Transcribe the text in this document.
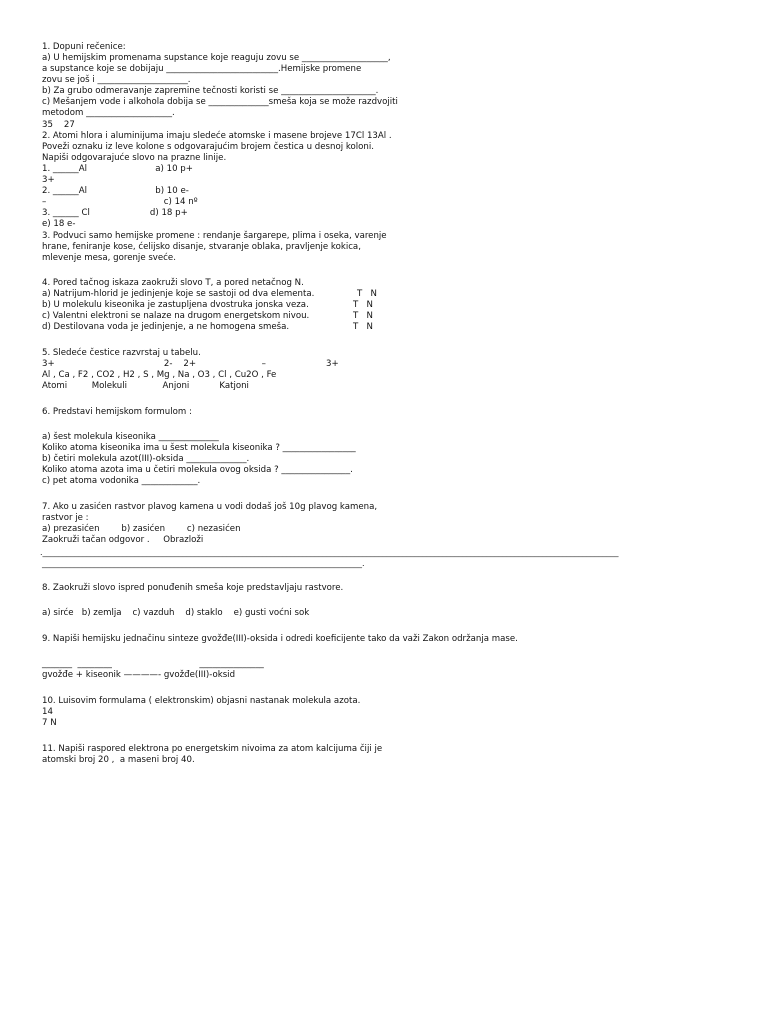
1. Dopuni rečenice:
a) U hemijskim promenama supstance koje reaguju zovu se ____________________,
a supstance koje se dobijaju __________________________.Hemijske promene
zovu se još i _____________________.
b) Za grubo odmeravanje zapremine tečnosti koristi se ______________________.
c) Mešanjem vode i alkohola dobija se ______________smeša koja se može razdvojiti
metodom ____________________.
35    27
2. Atomi hlora i aluminijuma imaju sledeće atomske i masene brojeve 17Cl 13Al .
Poveži oznaku iz leve kolone s odgovarajućim brojem čestica u desnoj koloni.
Napiši odgovarajuće slovo na prazne linije.
1. ______Al                         a) 10 p+
3+
2. ______Al                         b) 10 e-
–                                           c) 14 nº
3. ______ Cl                      d) 18 p+
e) 18 e-
3. Podvuci samo hemijske promene : rendanje šargarepe, plima i oseka, varenje
hrane, feniranje kose, ćelijsko disanje, stvaranje oblaka, pravljenje kokica,
mlevenje mesa, gorenje sveće.
4. Pored tačnog iskaza zaokruži slovo T, a pored netačnog N.
a) Natrijum-hlorid je jedinjenje koje se sastoji od dva elementa.	T   N
b) U molekulu kiseonika je zastupljena dvostruka jonska veza.	T   N
c) Valentni elektroni se nalaze na drugom energetskom nivou.	T   N
d) Destilovana voda je jedinjenje, a ne homogena smeša.	T   N
5. Sledeće čestice razvrstaj u tabelu.
3+                                        2-    2+                        –                      3+
Al , Ca , F2 , CO2 , H2 , S , Mg , Na , O3 , Cl , Cu2O , Fe
Atomi         Molekuli             Anjoni           Katjoni
6. Predstavi hemijskom formulom :
a) šest molekula kiseonika ______________
Koliko atoma kiseonika ima u šest molekula kiseonika ? _________________
b) četiri molekula azot(III)-oksida ______________.
Koliko atoma azota ima u četiri molekula ovog oksida ? ________________.
c) pet atoma vodonika _____________.
7. Ako u zasićen rastvor plavog kamena u vodi dodaš još 10g plavog kamena,
rastvor je :
a) prezasićen        b) zasićen        c) nezasićen
Zaokruži tačan odgovor .     Obrazloži
.________________________________________________________________________________________________________________________________________________
________________________________________________________________________________.
8. Zaokruži slovo ispred ponuđenih smeša koje predstavljaju rastvore.
a) sirće   b) zemlja    c) vazduh    d) staklo    e) gusti voćni sok
9. Napiši hemijsku jednačinu sinteze gvožđe(III)-oksida i odredi koeficijente tako da važi Zakon održanja mase.
_______  ________                                _______________
gvožđe + kiseonik ————- gvožđe(III)-oksid
10. Luisovim formulama ( elektronskim) objasni nastanak molekula azota.
14
7 N
11. Napiši raspored elektrona po energetskim nivoima za atom kalcijuma čiji je
atomski broj 20 ,  a maseni broj 40.
